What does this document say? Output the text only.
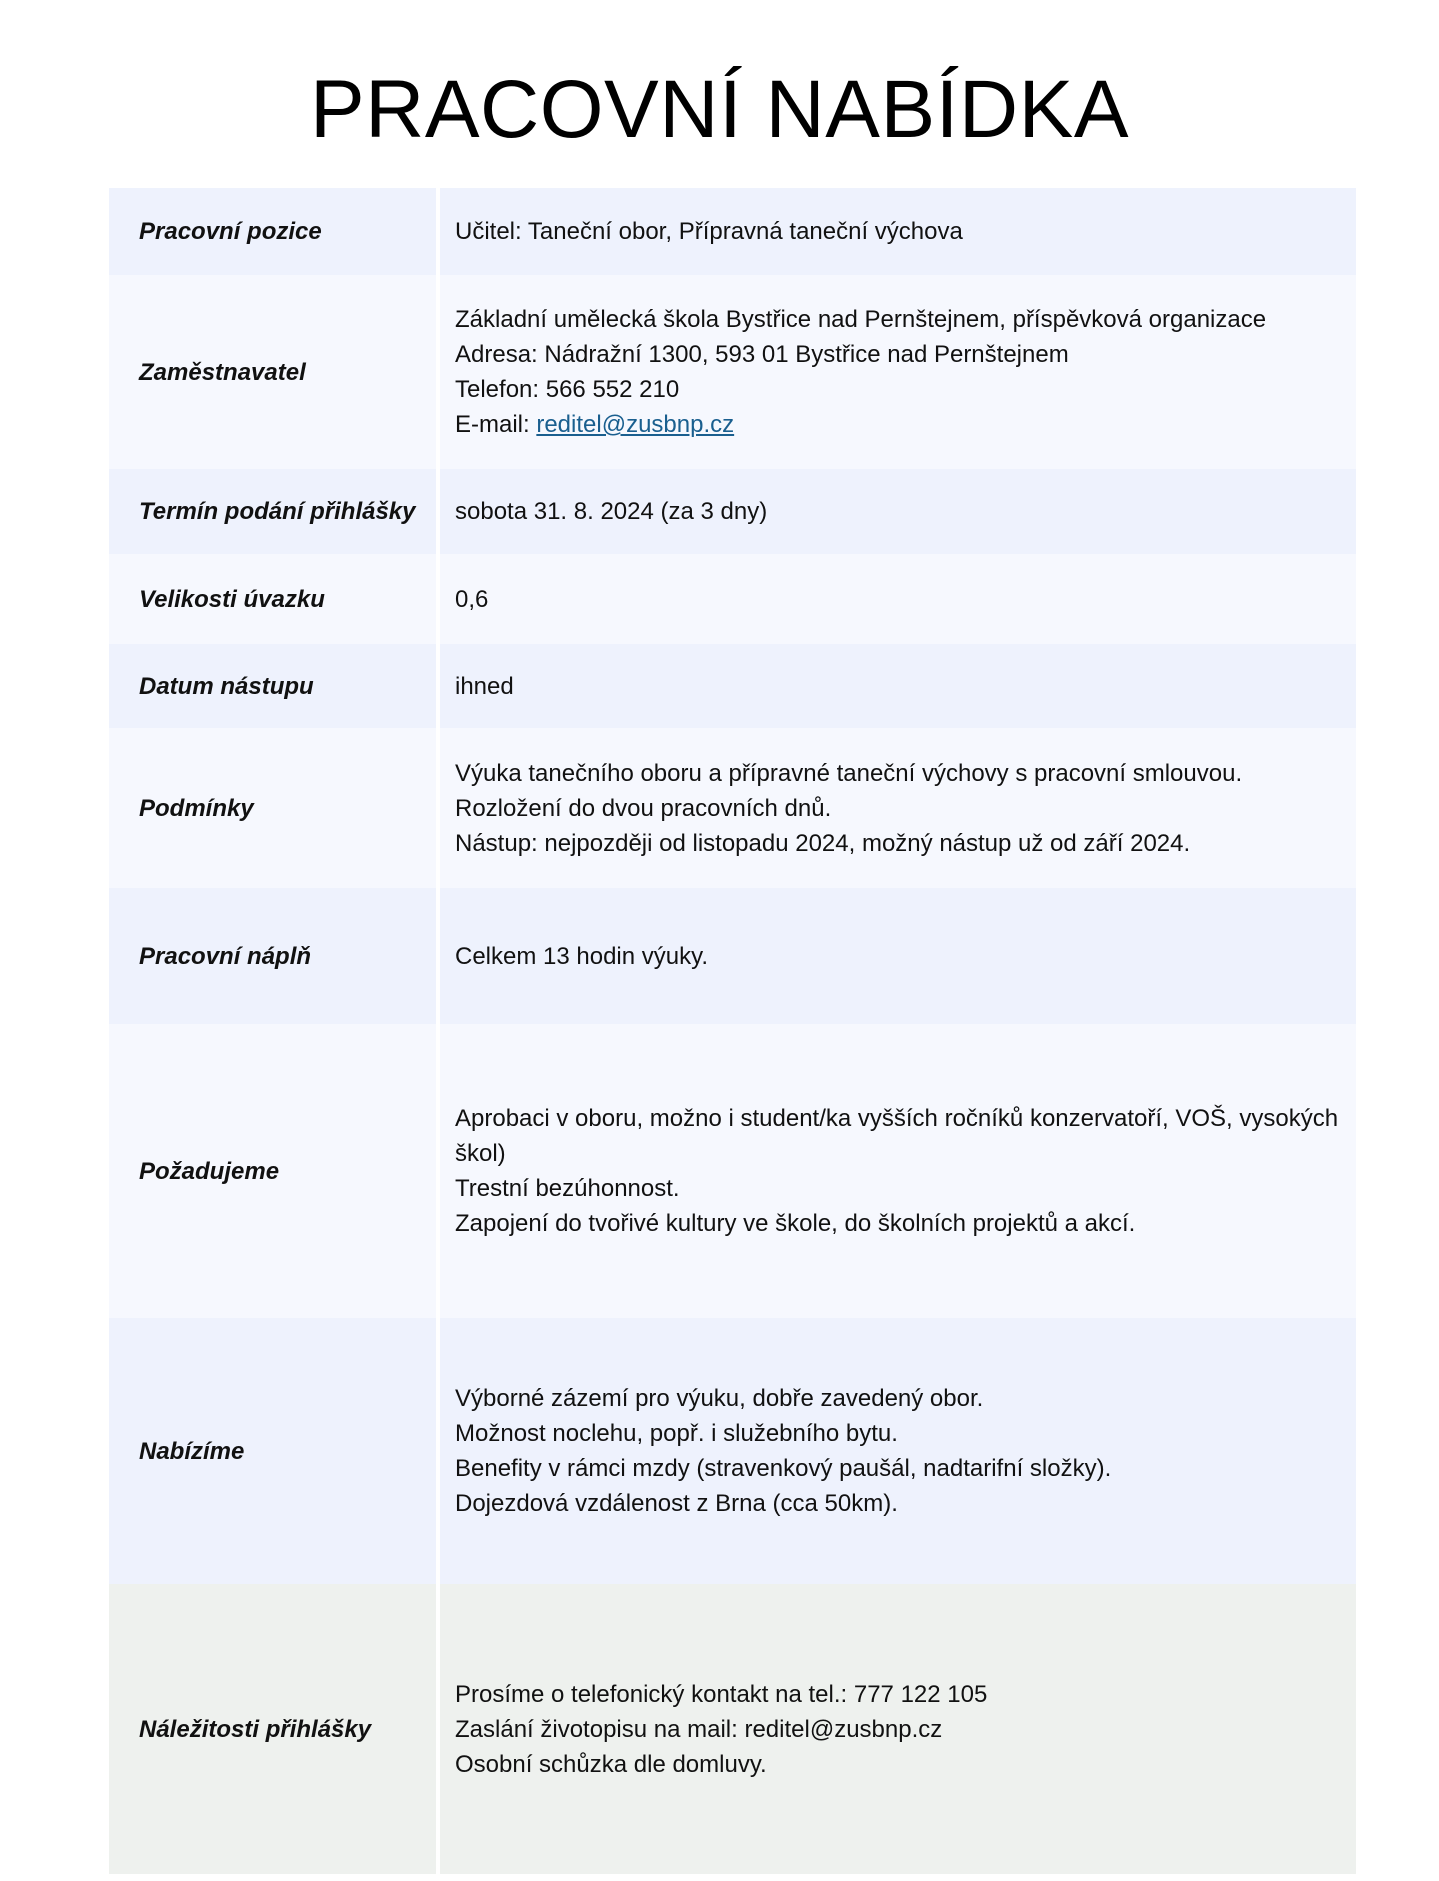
PRACOVNÍ NABÍDKA
Pracovní pozice	Učitel: Taneční obor, Přípravná taneční výchova

Zaměstnavatel	Základní umělecká škola Bystřice nad Pernštejnem, příspěvková organizace
Adresa: Nádražní 1300, 593 01 Bystřice nad Pernštejnem
Telefon: 566 552 210
E-mail: reditel@zusbnp.cz

Termín podání přihlášky	sobota 31. 8. 2024 (za 3 dny)

Velikosti úvazku	0,6

Datum nástupu	ihned

Podmínky	Výuka tanečního oboru a přípravné taneční výchovy s pracovní smlouvou.
Rozložení do dvou pracovních dnů.
Nástup: nejpozději od listopadu 2024, možný nástup už od září 2024.

Pracovní náplň	Celkem 13 hodin výuky.

Požadujeme	Aprobaci v oboru, možno i student/ka vyšších ročníků konzervatoří, VOŠ, vysokých škol)
Trestní bezúhonnost.
Zapojení do tvořivé kultury ve škole, do školních projektů a akcí.

Nabízíme	Výborné zázemí pro výuku, dobře zavedený obor.
Možnost noclehu, popř. i služebního bytu.
Benefity v rámci mzdy (stravenkový paušál, nadtarifní složky).
Dojezdová vzdálenost z Brna (cca 50km).

Náležitosti přihlášky	Prosíme o telefonický kontakt na tel.: 777 122 105
Zaslání životopisu na mail: reditel@zusbnp.cz
Osobní schůzka dle domluvy.
